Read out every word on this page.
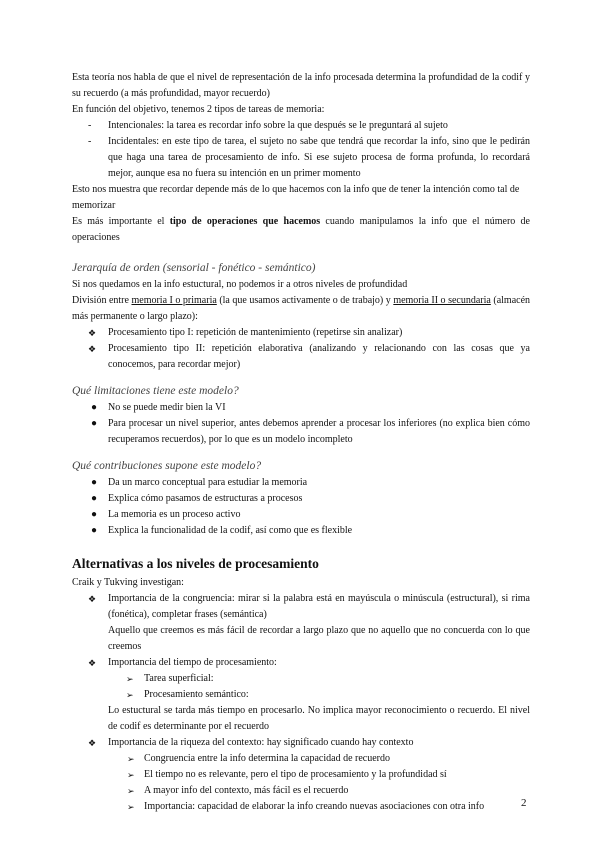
Esta teoría nos habla de que el nivel de representación de la info procesada determina la profundidad de la codif y su recuerdo (a más profundidad, mayor recuerdo)

En función del objetivo, tenemos 2 tipos de tareas de memoria:

- Intencionales: la tarea es recordar info sobre la que después se le preguntará al sujeto
- Incidentales: en este tipo de tarea, el sujeto no sabe que tendrá que recordar la info, sino que le pedirán que haga una tarea de procesamiento de info. Si ese sujeto procesa de forma profunda, lo recordará mejor, aunque esa no fuera su intención en un primer momento

Esto nos muestra que recordar depende más de lo que hacemos con la info que de tener la intención como tal de memorizar

Es más importante el tipo de operaciones que hacemos cuando manipulamos la info que el número de operaciones

Jerarquía de orden (sensorial - fonético - semántico)

Si nos quedamos en la info estuctural, no podemos ir a otros niveles de profundidad

División entre memoria I o primaria (la que usamos activamente o de trabajo) y memoria II o secundaria (almacén más permanente o largo plazo):

❖ Procesamiento tipo I: repetición de mantenimiento (repetirse sin analizar)
❖ Procesamiento tipo II: repetición elaborativa (analizando y relacionando con las cosas que ya conocemos, para recordar mejor)

Qué limitaciones tiene este modelo?

● No se puede medir bien la VI
● Para procesar un nivel superior, antes debemos aprender a procesar los inferiores (no explica bien cómo recuperamos recuerdos), por lo que es un modelo incompleto

Qué contribuciones supone este modelo?

● Da un marco conceptual para estudiar la memoria
● Explica cómo pasamos de estructuras a procesos
● La memoria es un proceso activo
● Explica la funcionalidad de la codif, así como que es flexible

Alternativas a los niveles de procesamiento

Craik y Tukving investigan:

❖ Importancia de la congruencia: mirar si la palabra está en mayúscula o minúscula (estructural), si rima (fonética), completar frases (semántica)

Aquello que creemos es más fácil de recordar a largo plazo que no aquello que no concuerda con lo que creemos

❖ Importancia del tiempo de procesamiento:
➢ Tarea superficial:
➢ Procesamiento semántico:

Lo estuctural se tarda más tiempo en procesarlo. No implica mayor reconocimiento o recuerdo. El nivel de codif es determinante por el recuerdo

❖ Importancia de la riqueza del contexto: hay significado cuando hay contexto
➢ Congruencia entre la info determina la capacidad de recuerdo
➢ El tiempo no es relevante, pero el tipo de procesamiento y la profundidad sí
➢ A mayor info del contexto, más fácil es el recuerdo
➢ Importancia: capacidad de elaborar la info creando nuevas asociaciones con otra info	2
